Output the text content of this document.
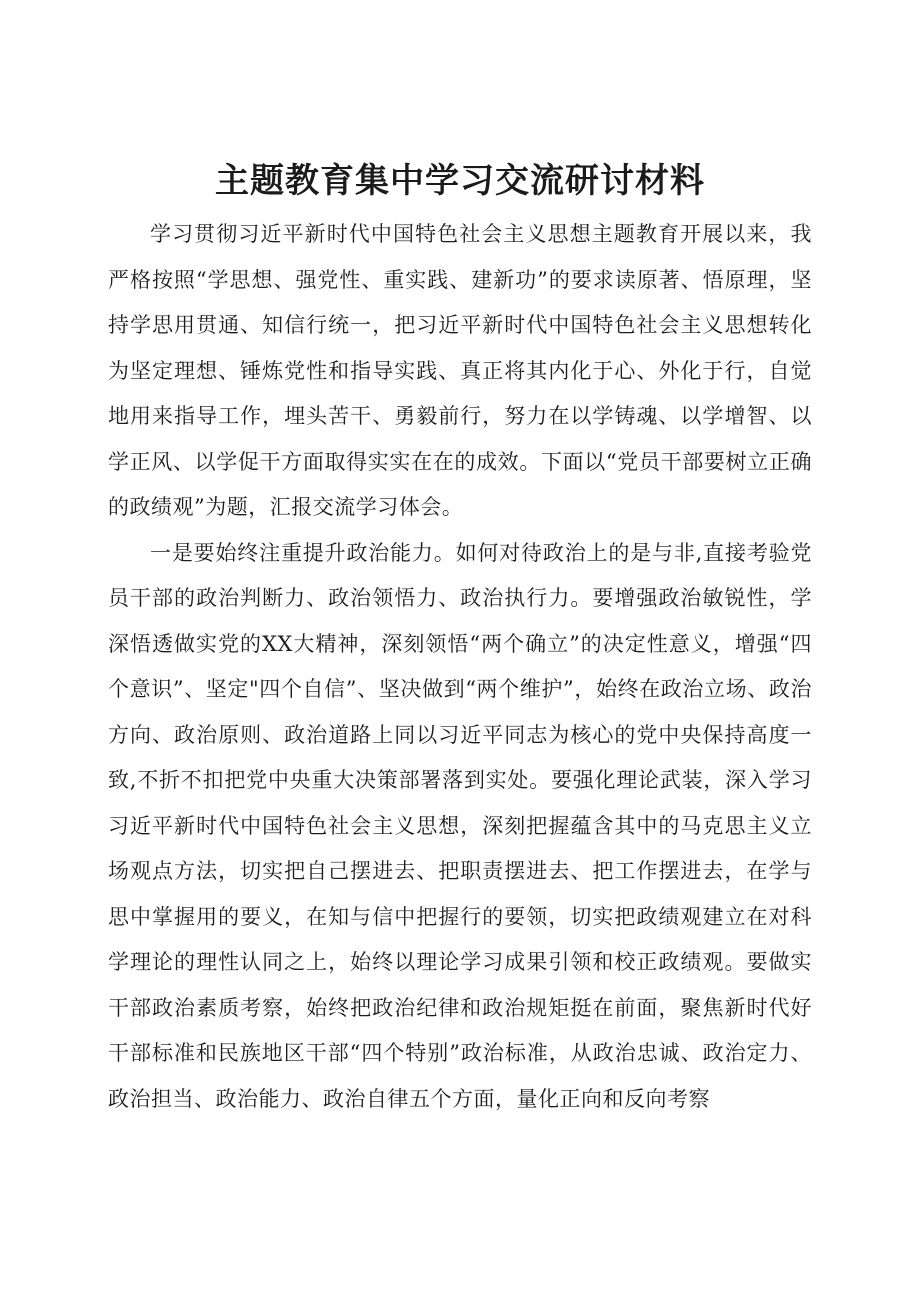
主题教育集中学习交流研讨材料

学习贯彻习近平新时代中国特色社会主义思想主题教育开展以来，我严格按照“学思想、强党性、重实践、建新功”的要求读原著、悟原理，坚持学思用贯通、知信行统一，把习近平新时代中国特色社会主义思想转化为坚定理想、锤炼党性和指导实践、真正将其内化于心、外化于行，自觉地用来指导工作，埋头苦干、勇毅前行，努力在以学铸魂、以学增智、以学正风、以学促干方面取得实实在在的成效。下面以“党员干部要树立正确的政绩观”为题，汇报交流学习体会。

一是要始终注重提升政治能力。如何对待政治上的是与非,直接考验党员干部的政治判断力、政治领悟力、政治执行力。要增强政治敏锐性，学深悟透做实党的XX大精神，深刻领悟“两个确立”的决定性意义，增强“四个意识”、坚定"四个自信”、坚决做到“两个维护”，始终在政治立场、政治方向、政治原则、政治道路上同以习近平同志为核心的党中央保持高度一致,不折不扣把党中央重大决策部署落到实处。要强化理论武装，深入学习习近平新时代中国特色社会主义思想，深刻把握蕴含其中的马克思主义立场观点方法，切实把自己摆进去、把职责摆进去、把工作摆进去，在学与思中掌握用的要义，在知与信中把握行的要领，切实把政绩观建立在对科学理论的理性认同之上，始终以理论学习成果引领和校正政绩观。要做实干部政治素质考察，始终把政治纪律和政治规矩挺在前面，聚焦新时代好干部标准和民族地区干部“四个特别”政治标准，从政治忠诚、政治定力、政治担当、政治能力、政治自律五个方面，量化正向和反向考察
